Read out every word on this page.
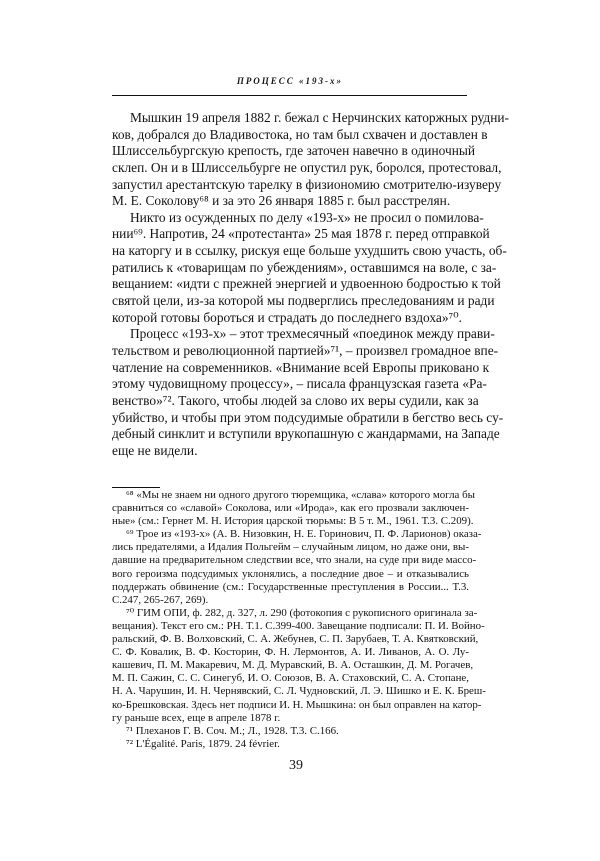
ПРОЦЕСС «193-х»
Мышкин 19 апреля 1882 г. бежал с Нерчинских каторжных рудни-
ков, добрался до Владивостока, но там был схвачен и доставлен в
Шлиссельбургскую крепость, где заточен навечно в одиночный
склеп. Он и в Шлиссельбурге не опустил рук, боролся, протестовал,
запустил арестантскую тарелку в физиономию смотрителю-изуверу
М. Е. Соколову⁶⁸ и за это 26 января 1885 г. был расстрелян.
Никто из осужденных по делу «193-х» не просил о помилова-
нии⁶⁹. Напротив, 24 «протестанта» 25 мая 1878 г. перед отправкой
на каторгу и в ссылку, рискуя еще больше ухудшить свою участь, об-
ратились к «товарищам по убеждениям», оставшимся на воле, с за-
вещанием: «идти с прежней энергией и удвоенною бодростью к той
святой цели, из-за которой мы подверглись преследованиям и ради
которой готовы бороться и страдать до последнего вздоха»⁷⁰.
Процесс «193-х» – этот трехмесячный «поединок между прави-
тельством и революционной партией»⁷¹, – произвел громадное впе-
чатление на современников. «Внимание всей Европы приковано к
этому чудовищному процессу», – писала французская газета «Ра-
венство»⁷². Такого, чтобы людей за слово их веры судили, как за
убийство, и чтобы при этом подсудимые обратили в бегство весь су-
дебный синклит и вступили врукопашную с жандармами, на Западе
еще не видели.
⁶⁸ «Мы не знаем ни одного другого тюремщика, «слава» которого могла бы
сравниться со «славой» Соколова, или «Ирода», как его прозвали заключен-
ные» (см.: Гернет М. Н. История царской тюрьмы: В 5 т. М., 1961. Т.3. С.209).
⁶⁹ Трое из «193-х» (А. В. Низовкин, Н. Е. Горинович, П. Ф. Ларионов) оказа-
лись предателями, а Идалия Польгейм – случайным лицом, но даже они, вы-
давшие на предварительном следствии все, что знали, на суде при виде массо-
вого героизма подсудимых уклонялись, а последние двое – и отказывались
поддержать обвинение (см.: Государственные преступления в России... Т.3.
С.247, 265-267, 269).
⁷⁰ ГИМ ОПИ, ф. 282, д. 327, л. 290 (фотокопия с рукописного оригинала за-
вещания). Текст его см.: РН. Т.1. С.399-400. Завещание подписали: П. И. Войно-
ральский, Ф. В. Волховский, С. А. Жебунев, С. П. Зарубаев, Т. А. Квятковский,
С. Ф. Ковалик, В. Ф. Косторин, Ф. Н. Лермонтов, А. И. Ливанов, А. О. Лу-
кашевич, П. М. Макаревич, М. Д. Муравский, В. А. Осташкин, Д. М. Рогачев,
М. П. Сажин, С. С. Синегуб, И. О. Союзов, В. А. Стаховский, С. А. Стопане,
Н. А. Чарушин, И. Н. Чернявский, С. Л. Чудновский, Л. Э. Шишко и Е. К. Бреш-
ко-Брешковская. Здесь нет подписи И. Н. Мышкина: он был оправлен на катор-
гу раньше всех, еще в апреле 1878 г.
⁷¹ Плеханов Г. В. Соч. М.; Л., 1928. Т.3. С.166.
⁷² L'Égalité. Paris, 1879. 24 février.
39
